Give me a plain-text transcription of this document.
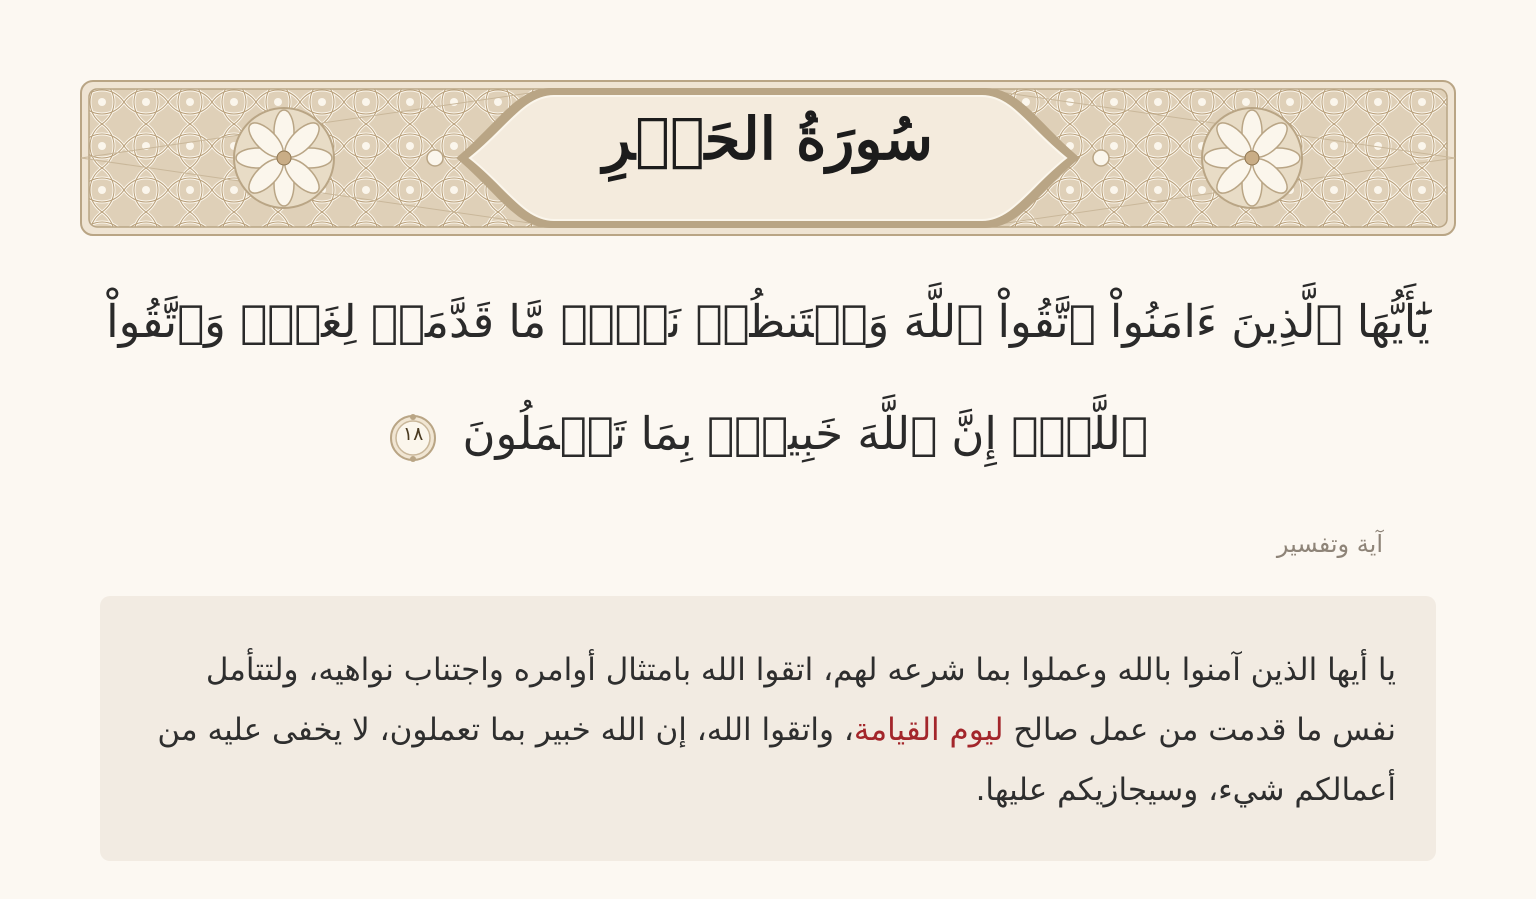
سُورَةُ الحَشۡرِ
يَٰٓأَيُّهَا ٱلَّذِينَ ءَامَنُواْ ٱتَّقُواْ ٱللَّهَ وَلۡتَنظُرۡ نَفۡسٞ مَّا قَدَّمَتۡ لِغَدٖۖ وَٱتَّقُواْ ٱللَّهَۚ إِنَّ ٱللَّهَ خَبِيرُۢ بِمَا تَعۡمَلُونَ
١٨
آية وتفسير
يا أيها الذين آمنوا بالله وعملوا بما شرعه لهم، اتقوا الله بامتثال أوامره واجتناب نواهيه، ولتتأمل نفس ما قدمت من عمل صالح ليوم القيامة، واتقوا الله، إن الله خبير بما تعملون، لا يخفى عليه من أعمالكم شيء، وسيجازيكم عليها.
